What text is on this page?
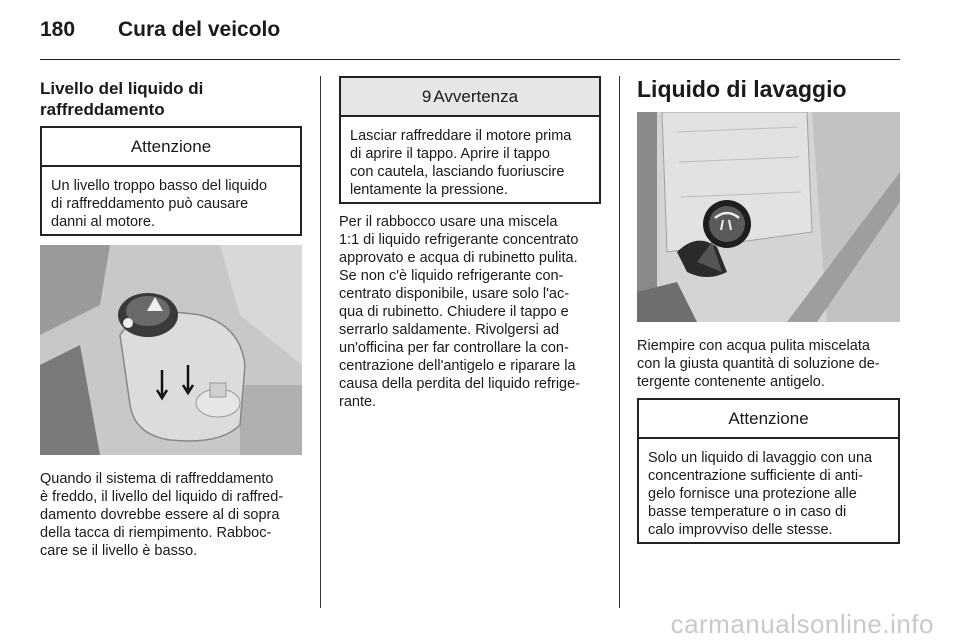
180 Cura del veicolo
Livello del liquido di
raffreddamento
Attenzione
Un livello troppo basso del liquido
di raffreddamento può causare
danni al motore.
Quando il sistema di raffreddamento
è freddo, il livello del liquido di raffred-
damento dovrebbe essere al di sopra
della tacca di riempimento. Rabboc-
care se il livello è basso.
9 Avvertenza
Lasciar raffreddare il motore prima
di aprire il tappo. Aprire il tappo
con cautela, lasciando fuoriuscire
lentamente la pressione.
Per il rabbocco usare una miscela
1:1 di liquido refrigerante concentrato
approvato e acqua di rubinetto pulita.
Se non c'è liquido refrigerante con-
centrato disponibile, usare solo l'ac-
qua di rubinetto. Chiudere il tappo e
serrarlo saldamente. Rivolgersi ad
un'officina per far controllare la con-
centrazione dell'antigelo e riparare la
causa della perdita del liquido refrige-
rante.
Liquido di lavaggio
Riempire con acqua pulita miscelata
con la giusta quantità di soluzione de-
tergente contenente antigelo.
Attenzione
Solo un liquido di lavaggio con una
concentrazione sufficiente di anti-
gelo fornisce una protezione alle
basse temperature o in caso di
calo improvviso delle stesse.
carmanualsonline.info
